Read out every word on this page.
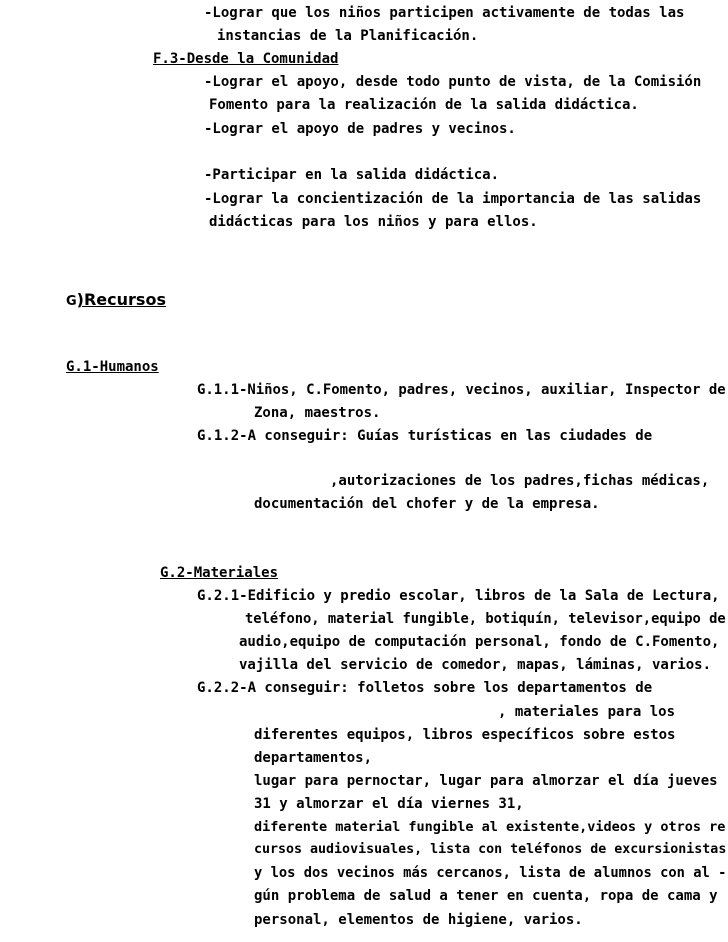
-Lograr que los niños participen activamente de todas las
instancias de la Planificación.
F.3-Desde la Comunidad
-Lograr el apoyo, desde todo punto de vista, de la Comisión
Fomento para la realización de la salida didáctica.
-Lograr el apoyo de padres y vecinos.
-Participar en la salida didáctica.
-Lograr la concientización de la importancia de las salidas
didácticas para los niños y para ellos.
G)Recursos
G.1-Humanos
G.1.1-Niños, C.Fomento, padres, vecinos, auxiliar, Inspector de
Zona, maestros.
G.1.2-A conseguir: Guías turísticas en las ciudades de
,autorizaciones de los padres,fichas médicas,
documentación del chofer y de la empresa.
G.2-Materiales
G.2.1-Edificio y predio escolar, libros de la Sala de Lectura,
teléfono, material fungible, botiquín, televisor,equipo de
audio,equipo de computación personal, fondo de C.Fomento,
vajilla del servicio de comedor, mapas, láminas, varios.
G.2.2-A conseguir: folletos sobre los departamentos de
, materiales para los
diferentes equipos, libros específicos sobre estos
departamentos,
lugar para pernoctar, lugar para almorzar el día jueves
31 y almorzar el día viernes 31,
diferente material fungible al existente,videos y otros re
cursos audiovisuales, lista con teléfonos de excursionistas
y los dos vecinos más cercanos, lista de alumnos con al -
gún problema de salud a tener en cuenta, ropa de cama y
personal, elementos de higiene, varios.
